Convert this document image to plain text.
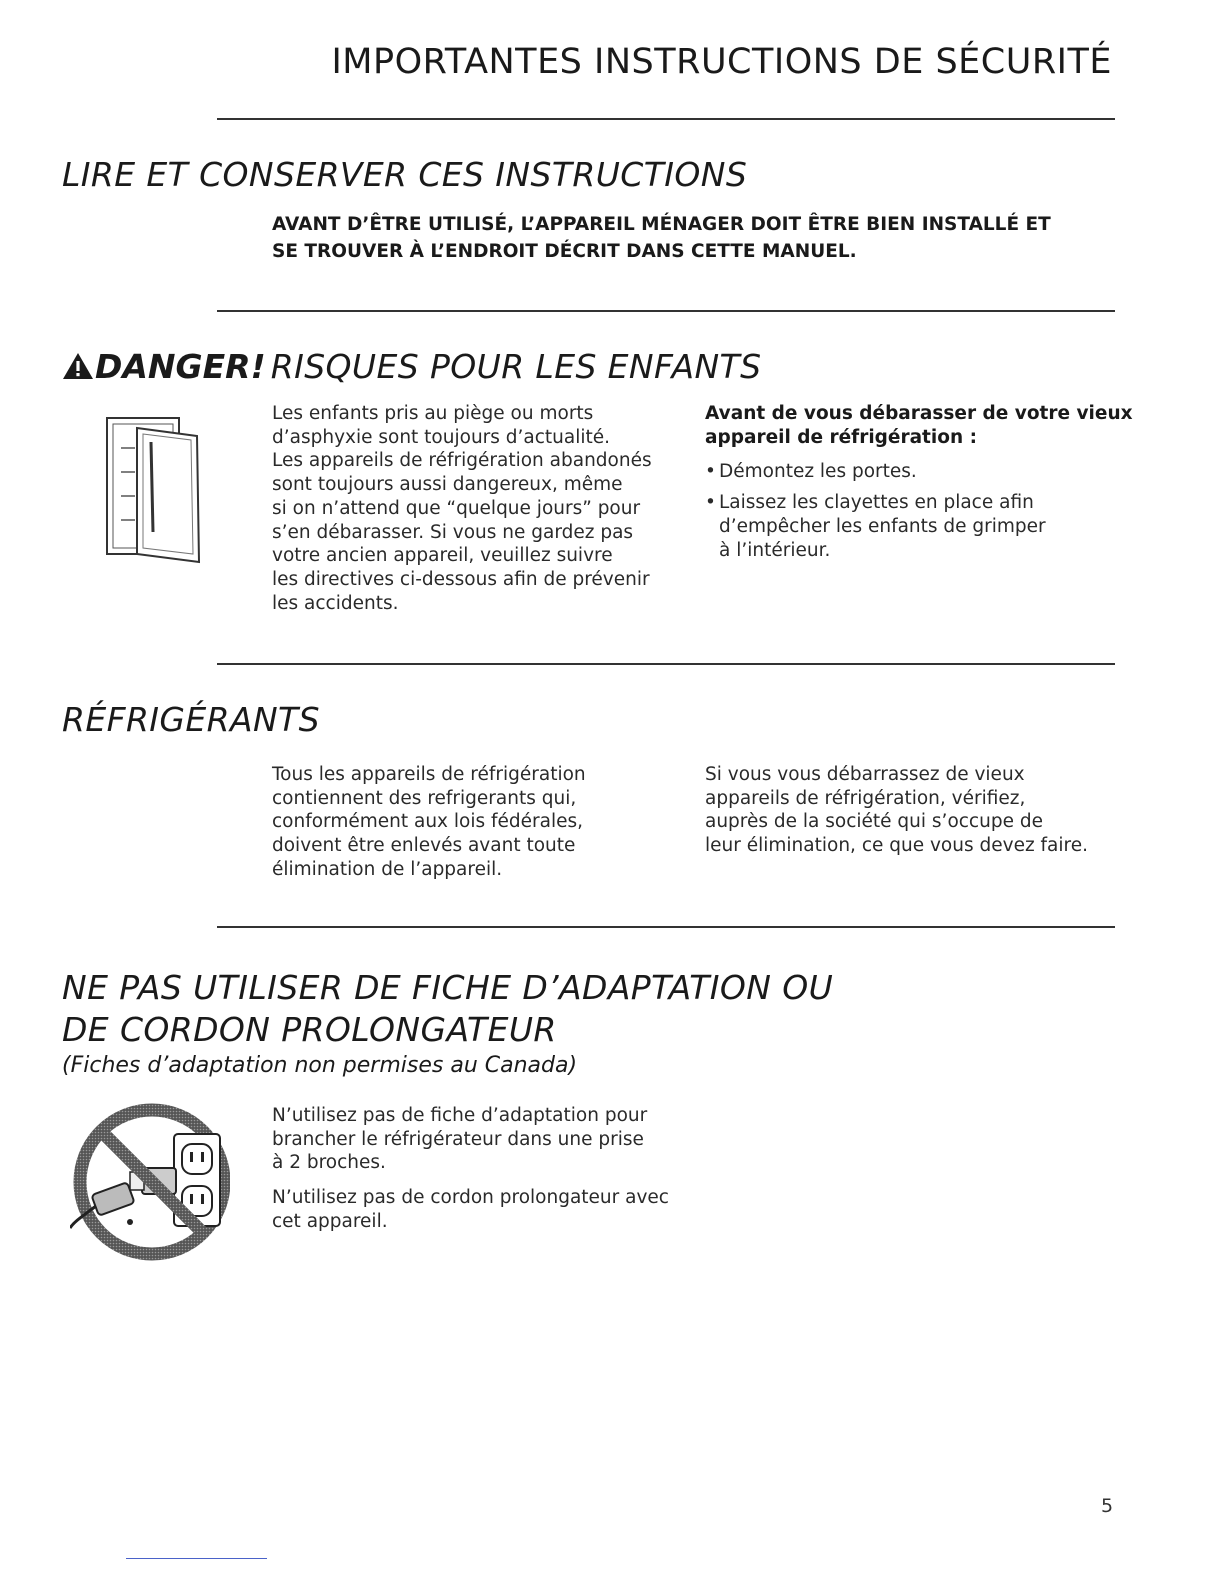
IMPORTANTES INSTRUCTIONS DE SÉCURITÉ
LIRE ET CONSERVER CES INSTRUCTIONS
AVANT D’ÊTRE UTILISÉ, L’APPAREIL MÉNAGER DOIT ÊTRE BIEN INSTALLÉ ET
SE TROUVER À L’ENDROIT DÉCRIT DANS CETTE MANUEL.
DANGER! RISQUES POUR LES ENFANTS
Les enfants pris au piège ou morts
d’asphyxie sont toujours d’actualité.
Les appareils de réfrigération abandonés
sont toujours aussi dangereux, même
si on n’attend que “quelque jours” pour
s’en débarasser. Si vous ne gardez pas
votre ancien appareil, veuillez suivre
les directives ci-dessous afin de prévenir
les accidents.
Avant de vous débarasser de votre vieux
appareil de réfrigération :
• Démontez les portes.
• Laissez les clayettes en place afin
d’empêcher les enfants de grimper
à l’intérieur.
RÉFRIGÉRANTS
Tous les appareils de réfrigération
contiennent des refrigerants qui,
conformément aux lois fédérales,
doivent être enlevés avant toute
élimination de l’appareil.
Si vous vous débarrassez de vieux
appareils de réfrigération, vérifiez,
auprès de la société qui s’occupe de
leur élimination, ce que vous devez faire.
NE PAS UTILISER DE FICHE D’ADAPTATION OU
DE CORDON PROLONGATEUR
(Fiches d’adaptation non permises au Canada)
N’utilisez pas de fiche d’adaptation pour
brancher le réfrigérateur dans une prise
à 2 broches.
N’utilisez pas de cordon prolongateur avec
cet appareil.
5
